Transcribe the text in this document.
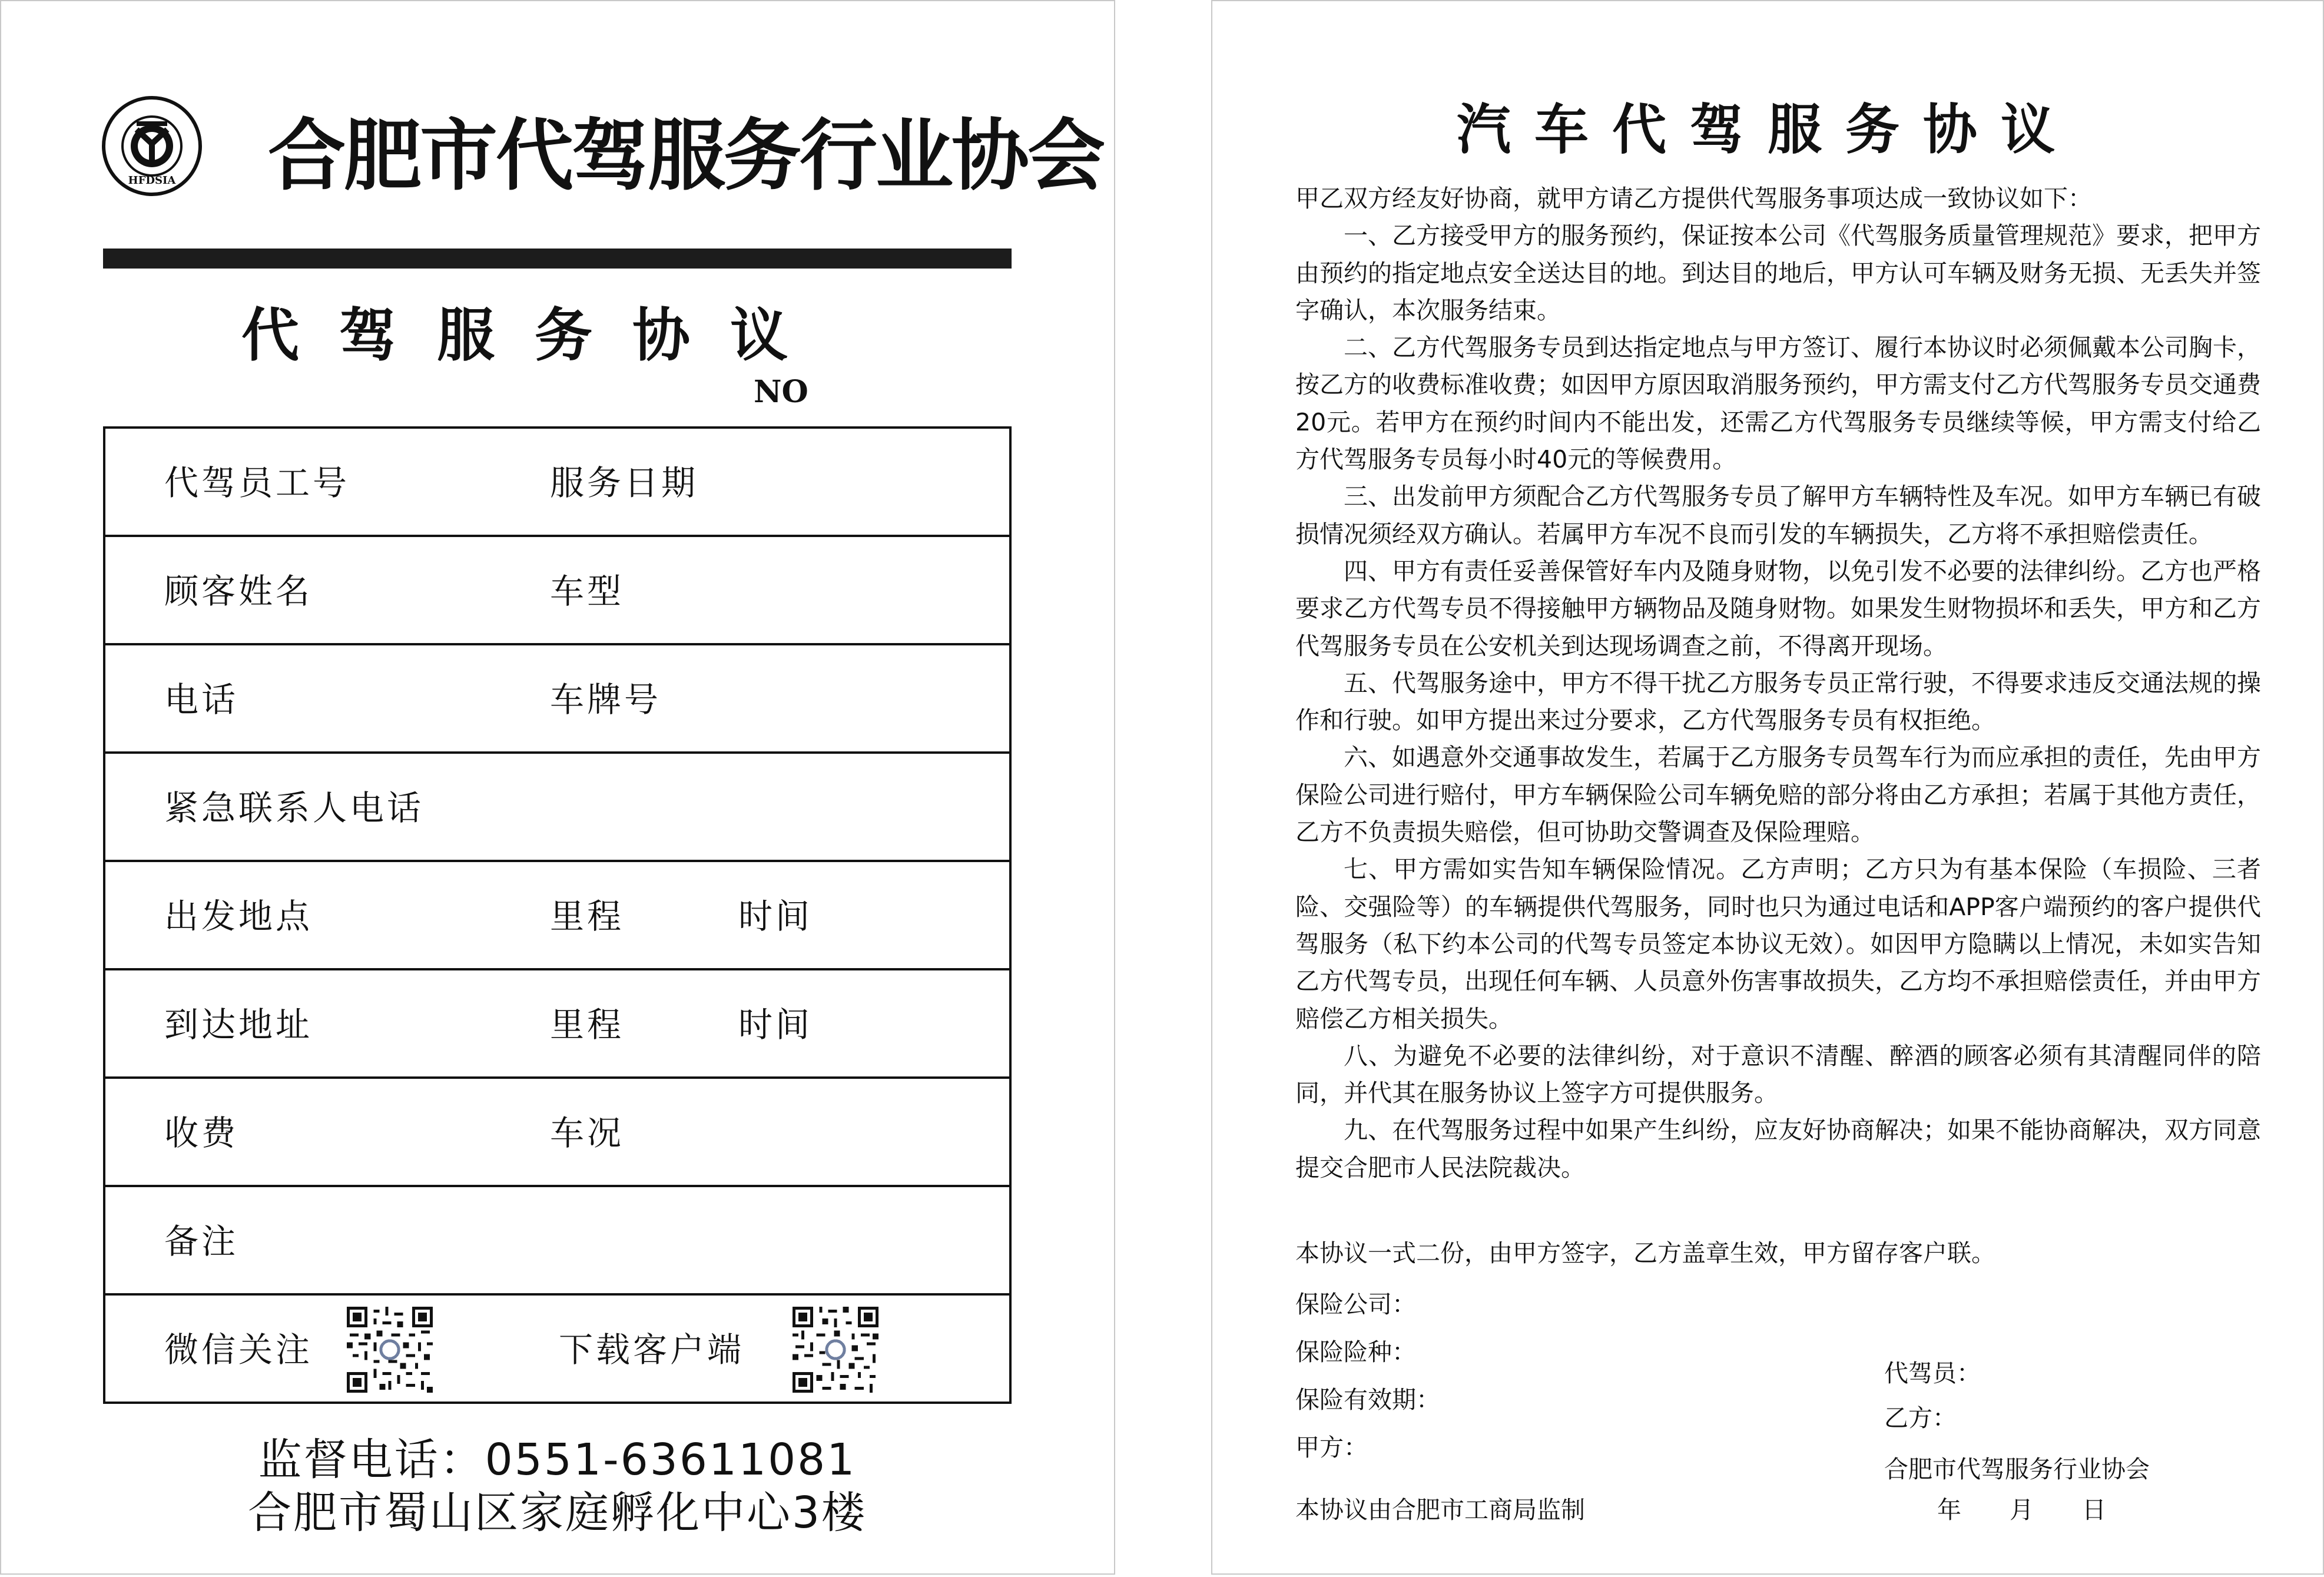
HFDSIA 合肥市代驾服务行业协会
代驾服务协议
NO
代驾员工号	服务日期
顾客姓名	车型
电话	车牌号
紧急联系人电话
出发地点	里程	时间
到达地址	里程	时间
收费	车况
备注
微信关注	下载客户端
监督电话：0551-63611081
合肥市蜀山区家庭孵化中心3楼
汽车代驾服务协议

甲乙双方经友好协商，就甲方请乙方提供代驾服务事项达成一致协议如下：

一、乙方接受甲方的服务预约，保证按本公司《代驾服务质量管理规范》要求，把甲方由预约的指定地点安全送达目的地。到达目的地后，甲方认可车辆及财务无损、无丢失并签字确认，本次服务结束。

二、乙方代驾服务专员到达指定地点与甲方签订、履行本协议时必须佩戴本公司胸卡，按乙方的收费标准收费；如因甲方原因取消服务预约，甲方需支付乙方代驾服务专员交通费20元。若甲方在预约时间内不能出发，还需乙方代驾服务专员继续等候，甲方需支付给乙方代驾服务专员每小时40元的等候费用。

三、出发前甲方须配合乙方代驾服务专员了解甲方车辆特性及车况。如甲方车辆已有破损情况须经双方确认。若属甲方车况不良而引发的车辆损失，乙方将不承担赔偿责任。

四、甲方有责任妥善保管好车内及随身财物，以免引发不必要的法律纠纷。乙方也严格要求乙方代驾专员不得接触甲方辆物品及随身财物。如果发生财物损坏和丢失，甲方和乙方代驾服务专员在公安机关到达现场调查之前，不得离开现场。

五、代驾服务途中，甲方不得干扰乙方服务专员正常行驶，不得要求违反交通法规的操作和行驶。如甲方提出来过分要求，乙方代驾服务专员有权拒绝。

六、如遇意外交通事故发生，若属于乙方服务专员驾车行为而应承担的责任，先由甲方保险公司进行赔付，甲方车辆保险公司车辆免赔的部分将由乙方承担；若属于其他方责任，乙方不负责损失赔偿，但可协助交警调查及保险理赔。

七、甲方需如实告知车辆保险情况。乙方声明；乙方只为有基本保险（车损险、三者险、交强险等）的车辆提供代驾服务，同时也只为通过电话和APP客户端预约的客户提供代驾服务（私下约本公司的代驾专员签定本协议无效）。如因甲方隐瞒以上情况，未如实告知乙方代驾专员，出现任何车辆、人员意外伤害事故损失，乙方均不承担赔偿责任，并由甲方赔偿乙方相关损失。

八、为避免不必要的法律纠纷，对于意识不清醒、醉酒的顾客必须有其清醒同伴的陪同，并代其在服务协议上签字方可提供服务。

九、在代驾服务过程中如果产生纠纷，应友好协商解决；如果不能协商解决，双方同意提交合肥市人民法院裁决。

本协议一式二份，由甲方签字，乙方盖章生效，甲方留存客户联。
保险公司：
保险险种：
保险有效期：
甲方：
本协议由合肥市工商局监制
代驾员：
乙方：
合肥市代驾服务行业协会
年　　月　　日
